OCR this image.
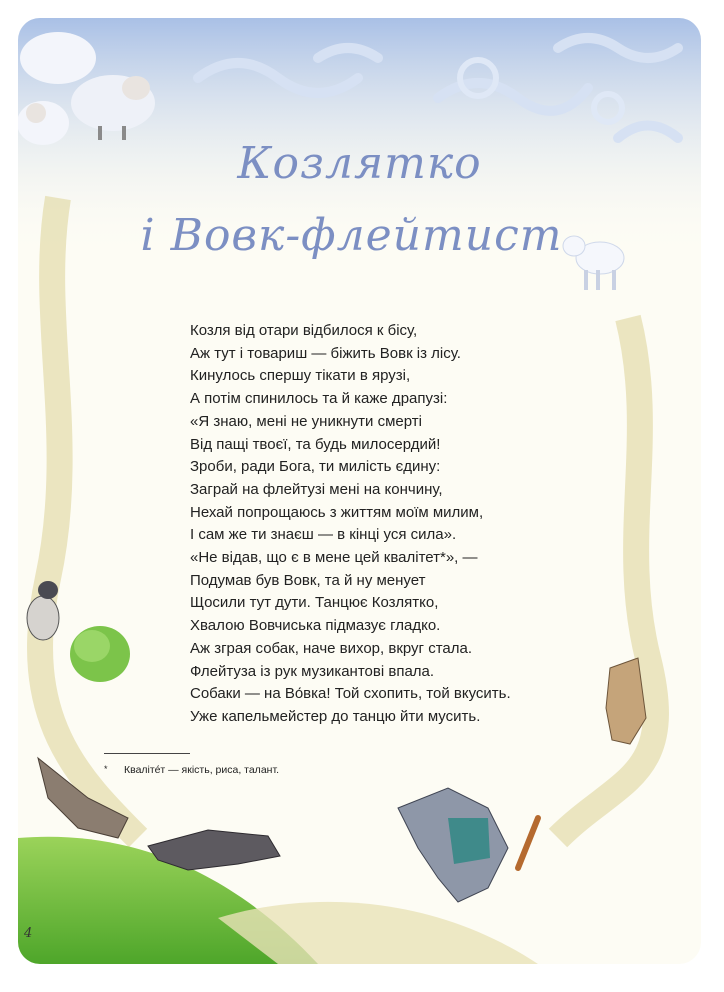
Козлятко
і Вовк-флейтист
Козля від отари відбилося к бісу,
Аж тут і товариш — біжить Вовк із лісу.
Кинулось спершу тікати в ярузі,
А потім спинилось та й каже драпузі:
«Я знаю, мені не уникнути смерті
Від пащі твоєї, та будь милосердий!
Зроби, ради Бога, ти милість єдину:
Заграй на флейтузі мені на кончину,
Нехай попрощаюсь з життям моїм милим,
І сам же ти знаєш — в кінці уся сила».
«Не відав, що є в мене цей квалітет*», —
Подумав був Вовк, та й ну менует
Щосили тут дути. Танцює Козлятко,
Хвалою Вовчиська підмазує гладко.
Аж зграя собак, наче вихор, вкруг стала.
Флейтуза із рук музикантові впала.
Собаки — на Во́вка! Той схопить, той вкусить.
Уже капельмейстер до танцю йти мусить.
* Кваліте́т — якість, риса, талант.
4
